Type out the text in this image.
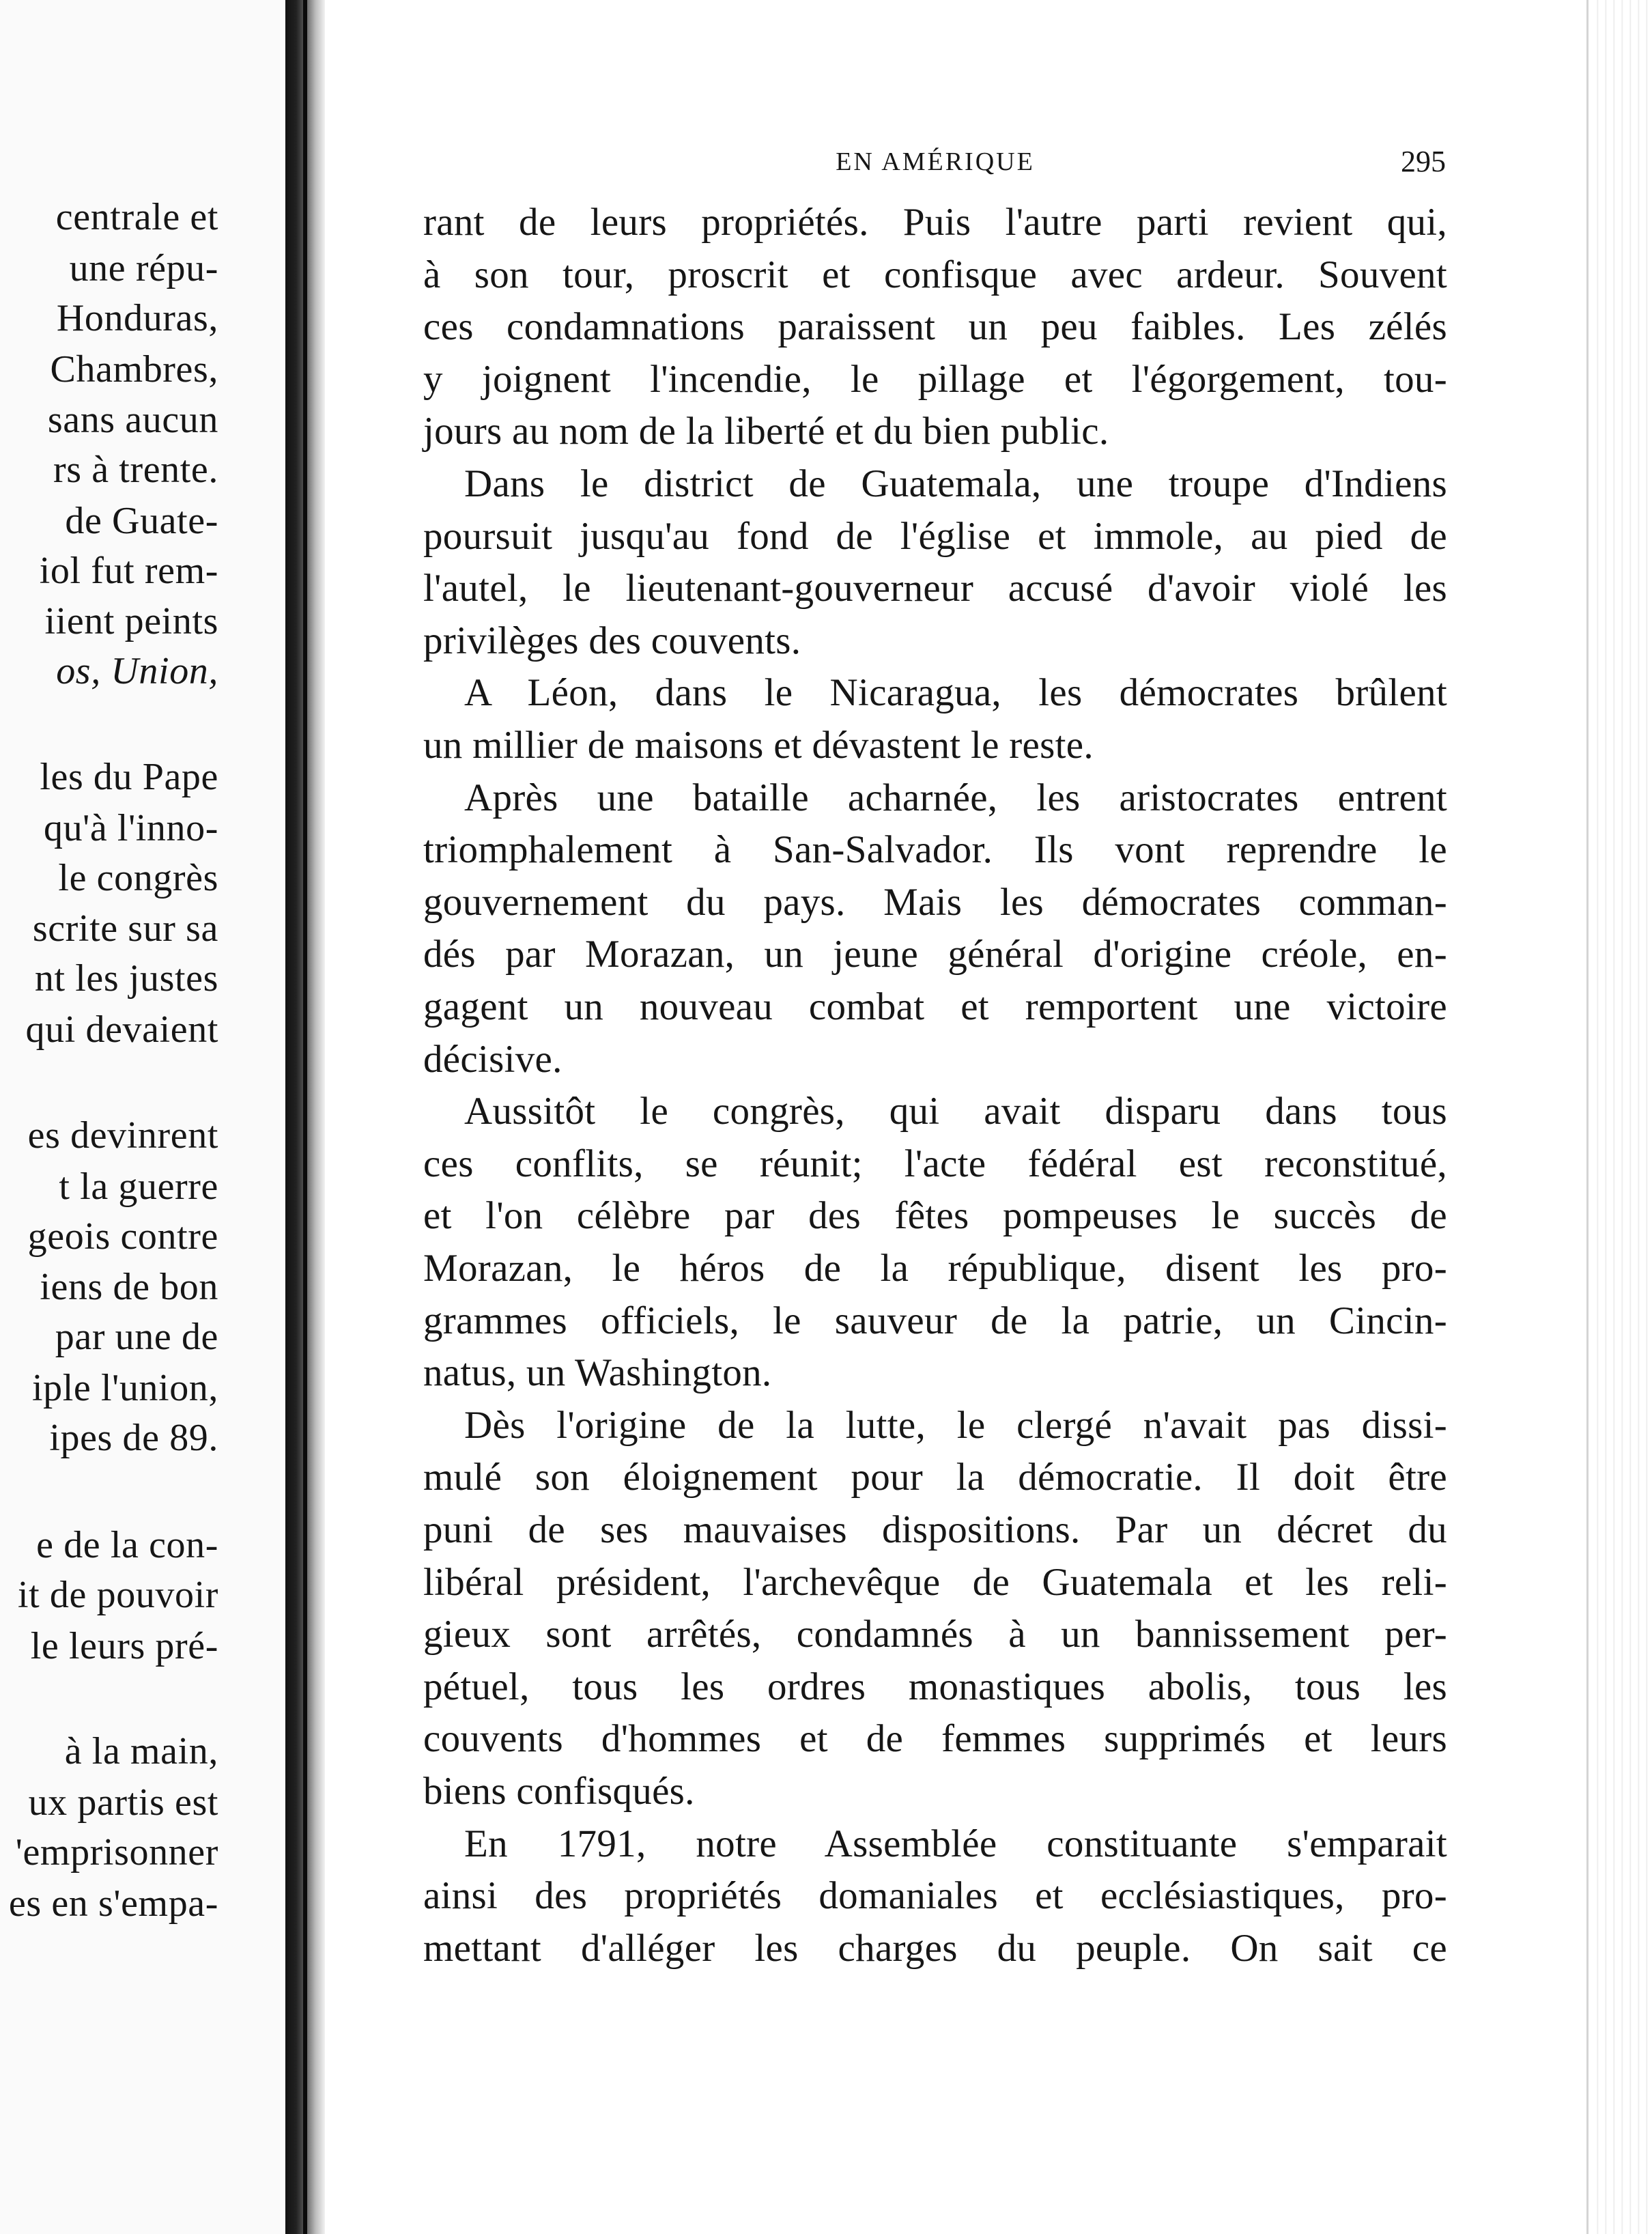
centrale et
une répu-
Honduras,
Chambres,
sans aucun
rs à trente.
de Guate-
iol fut rem-
iient peints
os, Union,
les du Pape
qu'à l'inno-
le congrès
scrite sur sa
nt les justes
qui devaient
es devinrent
t la guerre
geois contre
iens de bon
par une de
iple l'union,
ipes de 89.
e de la con-
it de pouvoir
le leurs pré-
à la main,
ux partis est
'emprisonner
es en s'empa-
EN AMÉRIQUE	295
rant de leurs propriétés. Puis l'autre parti revient qui,
à son tour, proscrit et confisque avec ardeur. Souvent
ces condamnations paraissent un peu faibles. Les zélés
y joignent l'incendie, le pillage et l'égorgement, tou-
jours au nom de la liberté et du bien public.
Dans le district de Guatemala, une troupe d'Indiens
poursuit jusqu'au fond de l'église et immole, au pied de
l'autel, le lieutenant-gouverneur accusé d'avoir violé les
privilèges des couvents.
A Léon, dans le Nicaragua, les démocrates brûlent
un millier de maisons et dévastent le reste.
Après une bataille acharnée, les aristocrates entrent
triomphalement à San-Salvador. Ils vont reprendre le
gouvernement du pays. Mais les démocrates comman-
dés par Morazan, un jeune général d'origine créole, en-
gagent un nouveau combat et remportent une victoire
décisive.
Aussitôt le congrès, qui avait disparu dans tous
ces conflits, se réunit; l'acte fédéral est reconstitué,
et l'on célèbre par des fêtes pompeuses le succès de
Morazan, le héros de la république, disent les pro-
grammes officiels, le sauveur de la patrie, un Cincin-
natus, un Washington.
Dès l'origine de la lutte, le clergé n'avait pas dissi-
mulé son éloignement pour la démocratie. Il doit être
puni de ses mauvaises dispositions. Par un décret du
libéral président, l'archevêque de Guatemala et les reli-
gieux sont arrêtés, condamnés à un bannissement per-
pétuel, tous les ordres monastiques abolis, tous les
couvents d'hommes et de femmes supprimés et leurs
biens confisqués.
En 1791, notre Assemblée constituante s'emparait
ainsi des propriétés domaniales et ecclésiastiques, pro-
mettant d'alléger les charges du peuple. On sait ce
